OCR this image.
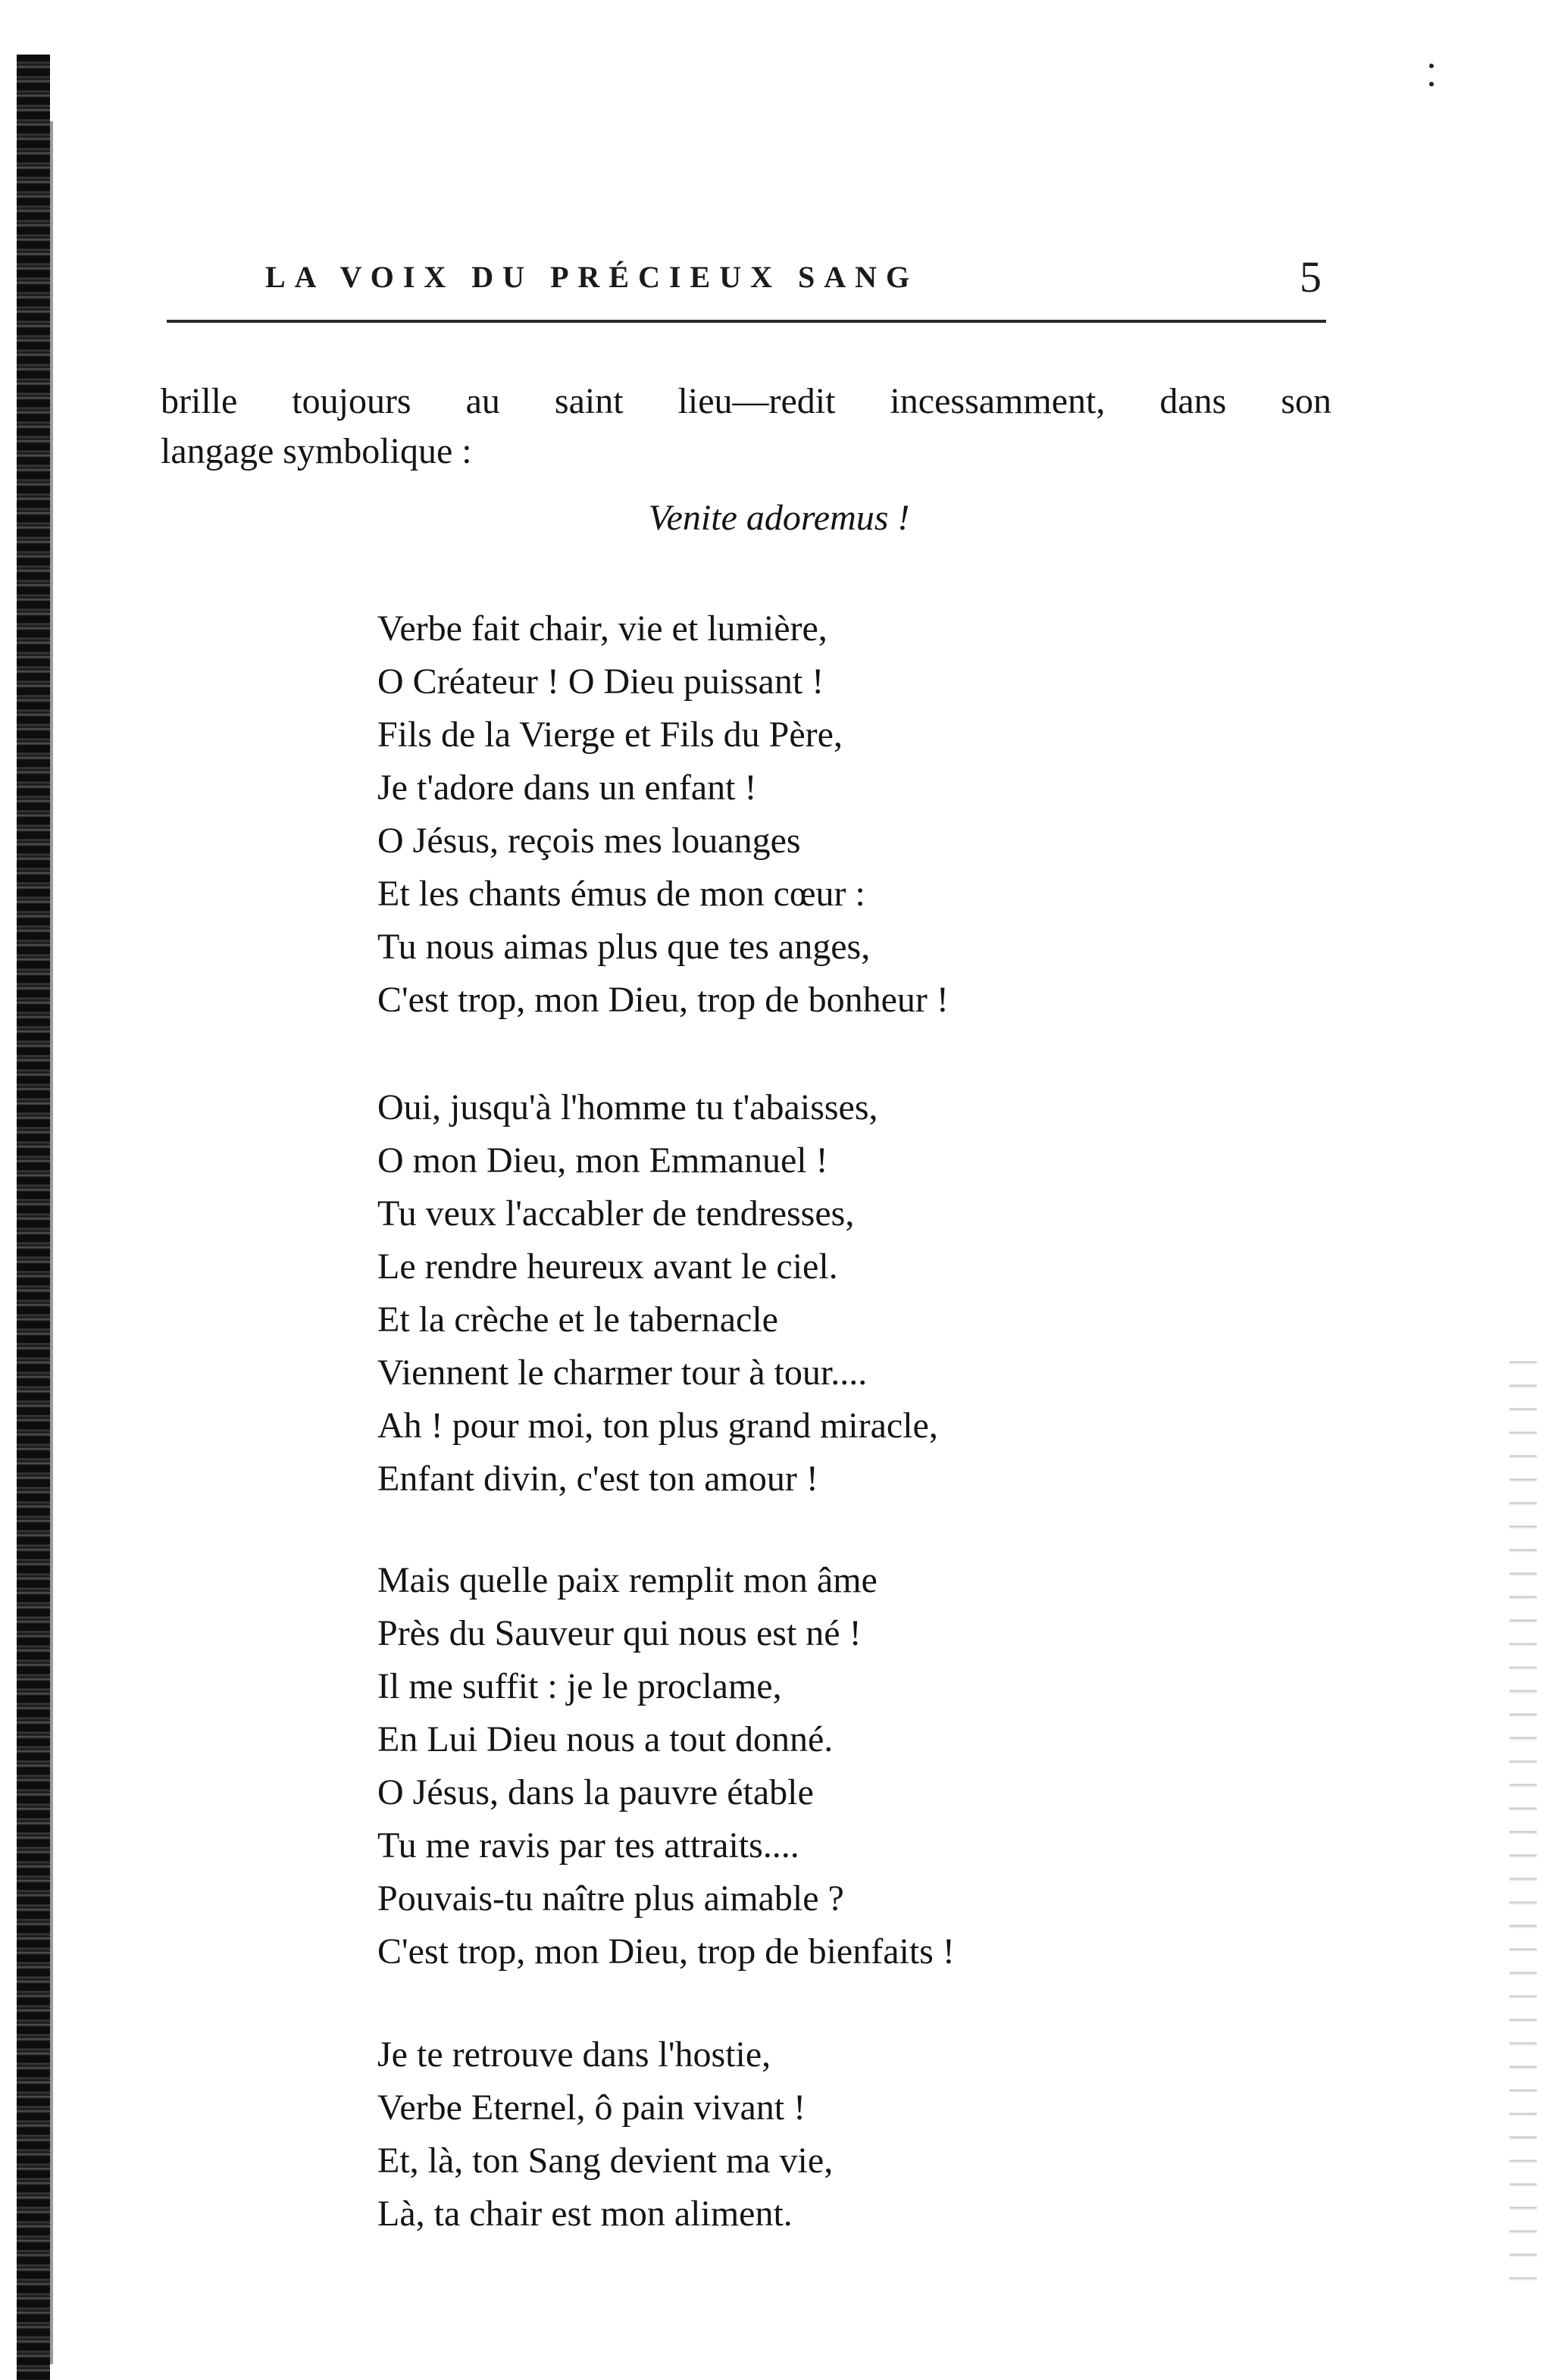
LA VOIX DU PRÉCIEUX SANG	5
brille toujours au saint lieu—redit incessamment, dans son
langage symbolique :
Venite adoremus !
Verbe fait chair, vie et lumière,
O Créateur ! O Dieu puissant !
Fils de la Vierge et Fils du Père,
Je t'adore dans un enfant !
O Jésus, reçois mes louanges
Et les chants émus de mon cœur :
Tu nous aimas plus que tes anges,
C'est trop, mon Dieu, trop de bonheur !
Oui, jusqu'à l'homme tu t'abaisses,
O mon Dieu, mon Emmanuel !
Tu veux l'accabler de tendresses,
Le rendre heureux avant le ciel.
Et la crèche et le tabernacle
Viennent le charmer tour à tour....
Ah ! pour moi, ton plus grand miracle,
Enfant divin, c'est ton amour !
Mais quelle paix remplit mon âme
Près du Sauveur qui nous est né !
Il me suffit : je le proclame,
En Lui Dieu nous a tout donné.
O Jésus, dans la pauvre étable
Tu me ravis par tes attraits....
Pouvais-tu naître plus aimable ?
C'est trop, mon Dieu, trop de bienfaits !
Je te retrouve dans l'hostie,
Verbe Eternel, ô pain vivant !
Et, là, ton Sang devient ma vie,
Là, ta chair est mon aliment.
